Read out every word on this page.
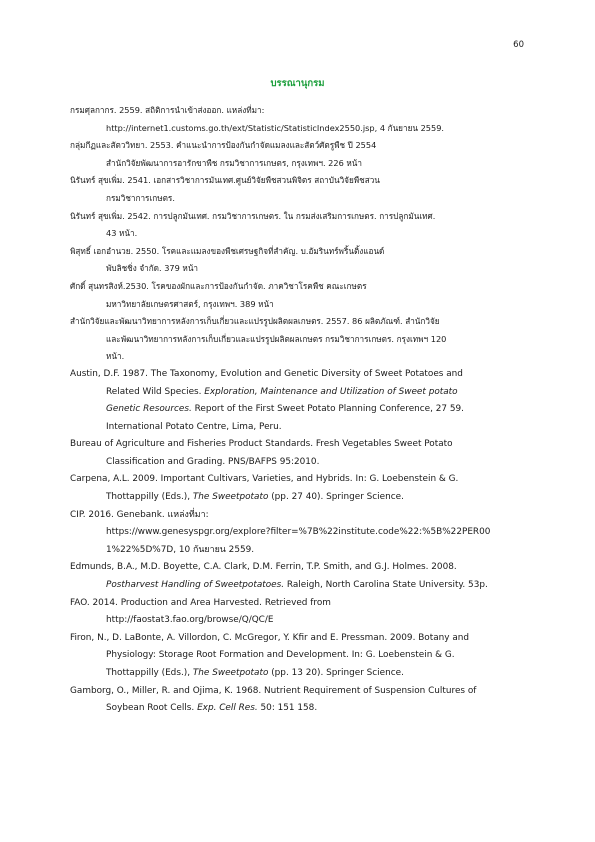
60
บรรณานุกรม
กรมศุลกากร. 2559. สถิติการนำเข้าส่งออก. แหล่งที่มา:
http://internet1.customs.go.th/ext/Statistic/StatisticIndex2550.jsp, 4 กันยายน 2559.
กลุ่มกีฏและสัตววิทยา. 2553. คำแนะนำการป้องกันกำจัดแมลงและสัตว์ศัตรูพืช ปี 2554
สำนักวิจัยพัฒนาการอารักขาพืช กรมวิชาการเกษตร, กรุงเทพฯ. 226 หน้า
นิรันทร์ สุขเพิ่ม. 2541. เอกสารวิชาการมันเทศ.ศูนย์วิจัยพืชสวนพิจิตร สถาบันวิจัยพืชสวน
กรมวิชาการเกษตร.
นิรันทร์ สุขเพิ่ม. 2542. การปลูกมันเทศ. กรมวิชาการเกษตร. ใน กรมส่งเสริมการเกษตร. การปลูกมันเทศ.
43 หน้า.
พิสุทธิ์ เอกอำนวย. 2550. โรคและแมลงของพืชเศรษฐกิจที่สำคัญ. บ.อัมรินทร์พริ้นติ้งแอนด์
พับลิชชิ่ง จำกัด. 379 หน้า
ศักดิ์ สุนทรสิงห์.2530. โรคของผักและการป้องกันกำจัด. ภาควิชาโรคพืช คณะเกษตร
มหาวิทยาลัยเกษตรศาสตร์, กรุงเทพฯ. 389 หน้า
สำนักวิจัยและพัฒนาวิทยาการหลังการเก็บเกี่ยวและแปรรูปผลิตผลเกษตร. 2557. 86 ผลิตภัณฑ์. สำนักวิจัย
และพัฒนาวิทยาการหลังการเก็บเกี่ยวและแปรรูปผลิตผลเกษตร กรมวิชาการเกษตร. กรุงเทพฯ 120
หน้า.
Austin, D.F. 1987. The Taxonomy, Evolution and Genetic Diversity of Sweet Potatoes and
Related Wild Species. Exploration, Maintenance and Utilization of Sweet potato
Genetic Resources. Report of the First Sweet Potato Planning Conference, 27 59.
International Potato Centre, Lima, Peru.
Bureau of Agriculture and Fisheries Product Standards. Fresh Vegetables Sweet Potato
Classification and Grading. PNS/BAFPS 95:2010.
Carpena, A.L. 2009. Important Cultivars, Varieties, and Hybrids. In: G. Loebenstein & G.
Thottappilly (Eds.), The Sweetpotato (pp. 27 40). Springer Science.
CIP. 2016. Genebank. แหล่งที่มา:
https://www.genesyspgr.org/explore?filter=%7B%22institute.code%22:%5B%22PER00
1%22%5D%7D, 10 กันยายน 2559.
Edmunds, B.A., M.D. Boyette, C.A. Clark, D.M. Ferrin, T.P. Smith, and G.J. Holmes. 2008.
Postharvest Handling of Sweetpotatoes. Raleigh, North Carolina State University. 53p.
FAO. 2014. Production and Area Harvested. Retrieved from
http://faostat3.fao.org/browse/Q/QC/E
Firon, N., D. LaBonte, A. Villordon, C. McGregor, Y. Kfir and E. Pressman. 2009. Botany and
Physiology: Storage Root Formation and Development. In: G. Loebenstein & G.
Thottappilly (Eds.), The Sweetpotato (pp. 13 20). Springer Science.
Gamborg, O., Miller, R. and Ojima, K. 1968. Nutrient Requirement of Suspension Cultures of
Soybean Root Cells. Exp. Cell Res. 50: 151 158.
